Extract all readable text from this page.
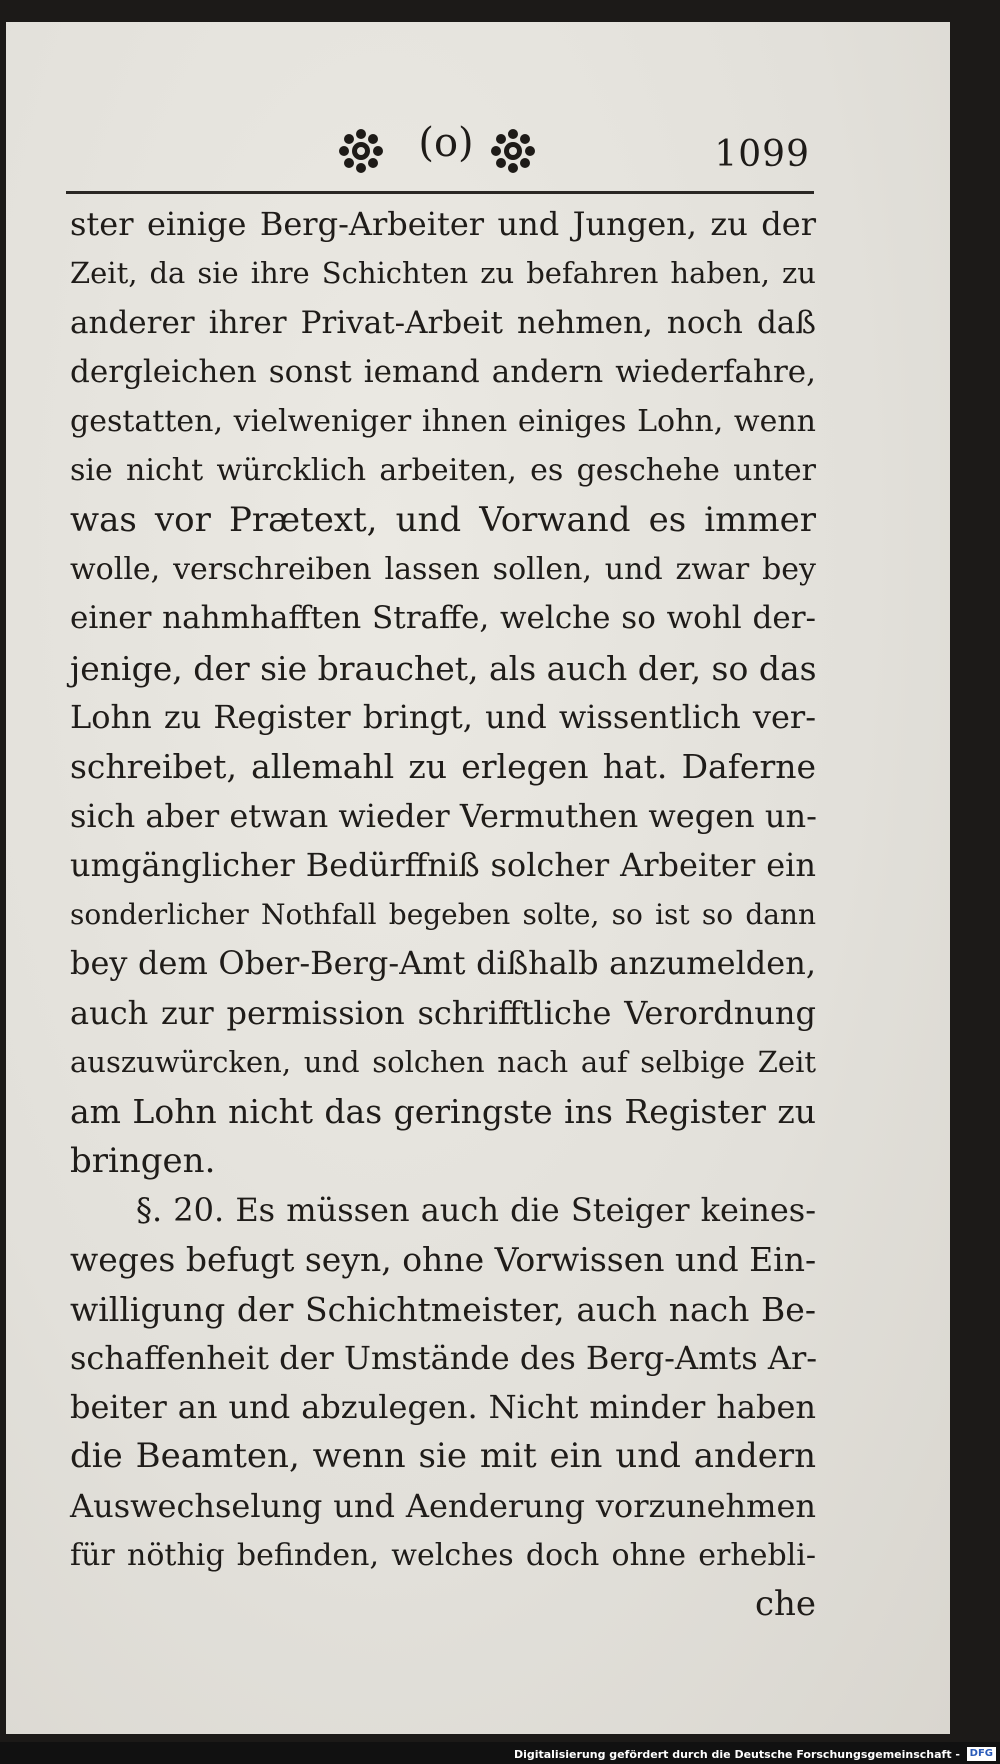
(o)	1099
ster einige Berg-Arbeiter und Jungen, zu der
Zeit, da sie ihre Schichten zu befahren haben, zu
anderer ihrer Privat-Arbeit nehmen, noch daß
dergleichen sonst iemand andern wiederfahre,
gestatten, vielweniger ihnen einiges Lohn, wenn
sie nicht würcklich arbeiten, es geschehe unter
was vor Prætext, und Vorwand es immer
wolle, verschreiben lassen sollen, und zwar bey
einer nahmhafften Straffe, welche so wohl der-
jenige, der sie brauchet, als auch der, so das
Lohn zu Register bringt, und wissentlich ver-
schreibet, allemahl zu erlegen hat. Daferne
sich aber etwan wieder Vermuthen wegen un-
umgänglicher Bedürffniß solcher Arbeiter ein
sonderlicher Nothfall begeben solte, so ist so dann
bey dem Ober-Berg-Amt dißhalb anzumelden,
auch zur permission schrifftliche Verordnung
auszuwürcken, und solchen nach auf selbige Zeit
am Lohn nicht das geringste ins Register zu
bringen.
§. 20. Es müssen auch die Steiger keines-
weges befugt seyn, ohne Vorwissen und Ein-
willigung der Schichtmeister, auch nach Be-
schaffenheit der Umstände des Berg-Amts Ar-
beiter an und abzulegen. Nicht minder haben
die Beamten, wenn sie mit ein und andern
Auswechselung und Aenderung vorzunehmen
für nöthig befinden, welches doch ohne erhebli-
che
Digitalisierung gefördert durch die Deutsche Forschungsgemeinschaft - DFG
